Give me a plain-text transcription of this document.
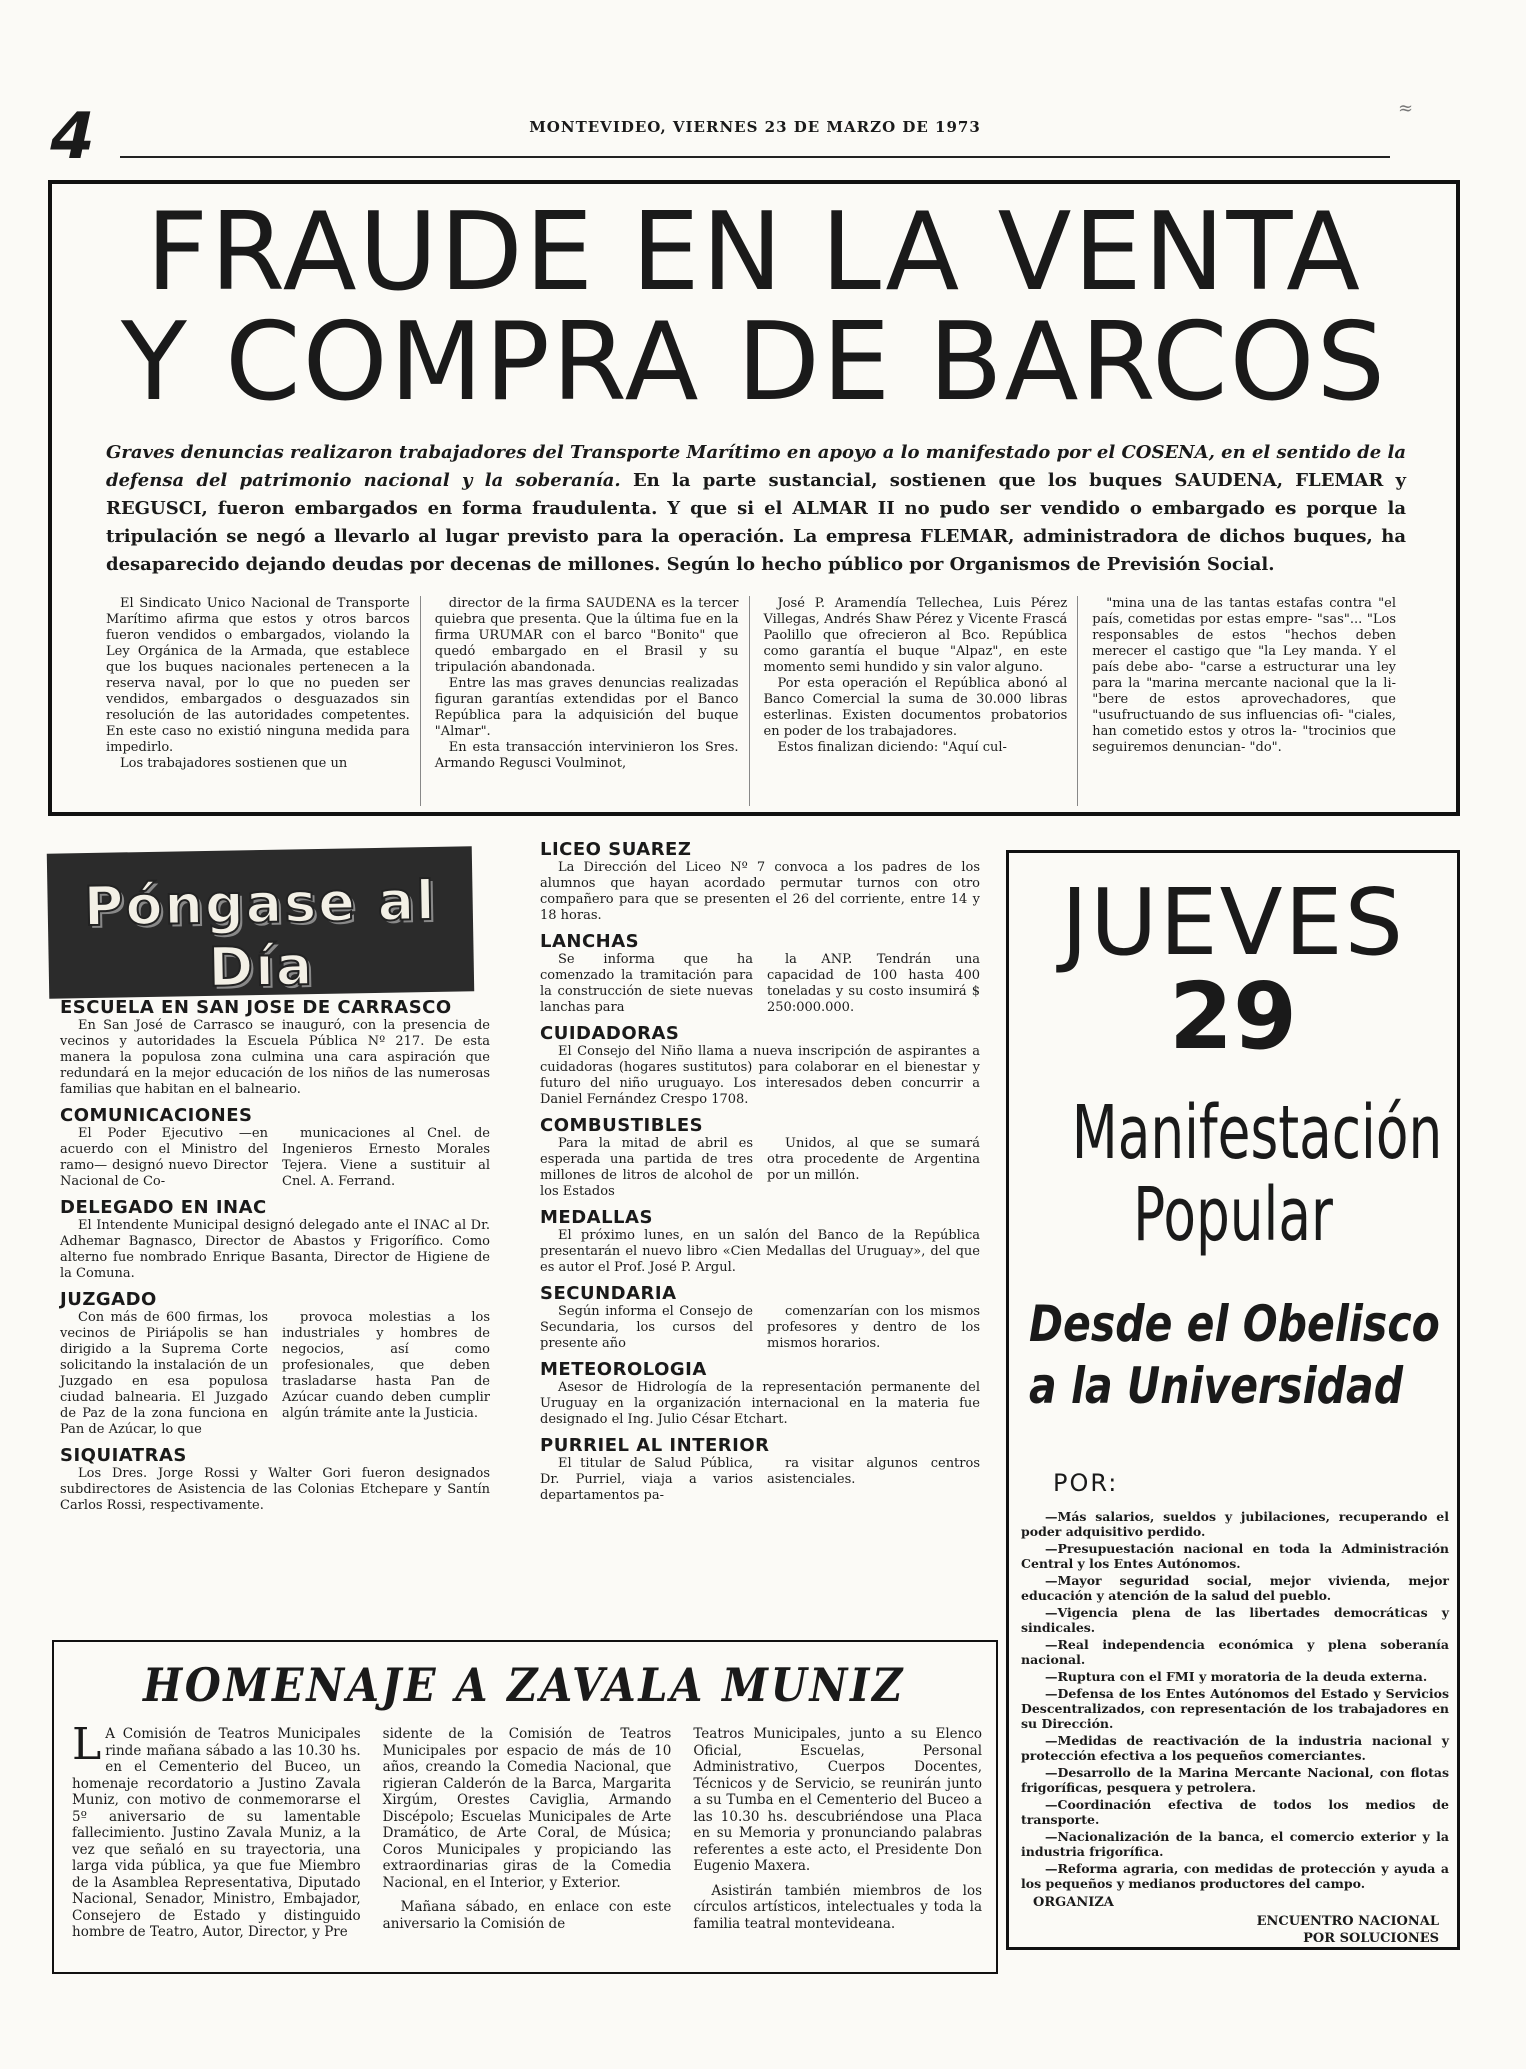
4	MONTEVIDEO, VIERNES 23 DE MARZO DE 1973
≈
FRAUDE EN LA VENTA
Y COMPRA DE BARCOS
Graves denuncias realizaron trabajadores del Transporte Marítimo en apoyo a lo manifestado por el COSENA, en el sentido de la defensa del patrimonio nacional y la soberanía. En la parte sustancial, sostienen que los buques SAUDENA, FLEMAR y REGUSCI, fueron embargados en forma fraudulenta. Y que si el ALMAR II no pudo ser vendido o embargado es porque la tripulación se negó a llevarlo al lugar previsto para la operación. La empresa FLEMAR, administradora de dichos buques, ha desaparecido dejando deudas por decenas de millones. Según lo hecho público por Organismos de Previsión Social.

El Sindicato Unico Nacional de Transporte Marítimo afirma que estos y otros barcos fueron vendidos o embargados, violando la Ley Orgánica de la Armada, que establece que los buques nacionales pertenecen a la reserva naval, por lo que no pueden ser vendidos, embargados o desguazados sin resolución de las autoridades competentes. En este caso no existió ninguna medida para impedirlo.

Los trabajadores sostienen que un

director de la firma SAUDENA es la tercer quiebra que presenta. Que la última fue en la firma URUMAR con el barco "Bonito" que quedó embargado en el Brasil y su tripulación abandonada.

Entre las mas graves denuncias realizadas figuran garantías extendidas por el Banco República para la adquisición del buque "Almar".

En esta transacción intervinieron los Sres. Armando Regusci Voulminot,

José P. Aramendía Tellechea, Luis Pérez Villegas, Andrés Shaw Pérez y Vicente Frascá Paolillo que ofrecieron al Bco. República como garantía el buque "Alpaz", en este momento semi hundido y sin valor alguno.

Por esta operación el República abonó al Banco Comercial la suma de 30.000 libras esterlinas. Existen documentos probatorios en poder de los trabajadores.

Estos finalizan diciendo: "Aquí cul-

"mina una de las tantas estafas contra "el país, cometidas por estas empre- "sas"... "Los responsables de estos "hechos deben merecer el castigo que "la Ley manda. Y el país debe abo- "carse a estructurar una ley para la "marina mercante nacional que la li- "bere de estos aprovechadores, que "usufructuando de sus influencias ofi- "ciales, han cometido estos y otros la- "trocinios que seguiremos denuncian- "do".

Póngase al Día
ESCUELA EN SAN JOSE DE CARRASCO

En San José de Carrasco se inauguró, con la presencia de vecinos y autoridades la Escuela Pública Nº 217. De esta manera la populosa zona culmina una cara aspiración que redundará en la mejor educación de los niños de las numerosas familias que habitan en el balneario.

COMUNICACIONES

El Poder Ejecutivo —en acuerdo con el Ministro del ramo— designó nuevo Director Nacional de Co-

municaciones al Cnel. de Ingenieros Ernesto Morales Tejera. Viene a sustituir al Cnel. A. Ferrand.

DELEGADO EN INAC

El Intendente Municipal designó delegado ante el INAC al Dr. Adhemar Bagnasco, Director de Abastos y Frigorífico. Como alterno fue nombrado Enrique Basanta, Director de Higiene de la Comuna.

JUZGADO

Con más de 600 firmas, los vecinos de Piriápolis se han dirigido a la Suprema Corte solicitando la instalación de un Juzgado en esa populosa ciudad balnearia. El Juzgado de Paz de la zona funciona en Pan de Azúcar, lo que

provoca molestias a los industriales y hombres de negocios, así como profesionales, que deben trasladarse hasta Pan de Azúcar cuando deben cumplir algún trámite ante la Justicia.

SIQUIATRAS

Los Dres. Jorge Rossi y Walter Gori fueron designados subdirectores de Asistencia de las Colonias Etchepare y Santín Carlos Rossi, respectivamente.

LICEO SUAREZ

La Dirección del Liceo Nº 7 convoca a los padres de los alumnos que hayan acordado permutar turnos con otro compañero para que se presenten el 26 del corriente, entre 14 y 18 horas.

LANCHAS

Se informa que ha comenzado la tramitación para la construcción de siete nuevas lanchas para

la ANP. Tendrán una capacidad de 100 hasta 400 toneladas y su costo insumirá $ 250:000.000.

CUIDADORAS

El Consejo del Niño llama a nueva inscripción de aspirantes a cuidadoras (hogares sustitutos) para colaborar en el bienestar y futuro del niño uruguayo. Los interesados deben concurrir a Daniel Fernández Crespo 1708.

COMBUSTIBLES

Para la mitad de abril es esperada una partida de tres millones de litros de alcohol de los Estados

Unidos, al que se sumará otra procedente de Argentina por un millón.

MEDALLAS

El próximo lunes, en un salón del Banco de la República presentarán el nuevo libro «Cien Medallas del Uruguay», del que es autor el Prof. José P. Argul.

SECUNDARIA

Según informa el Consejo de Secundaria, los cursos del presente año

comenzarían con los mismos profesores y dentro de los mismos horarios.

METEOROLOGIA

Asesor de Hidrología de la representación permanente del Uruguay en la organización internacional en la materia fue designado el Ing. Julio César Etchart.

PURRIEL AL INTERIOR

El titular de Salud Pública, Dr. Purriel, viaja a varios departamentos pa-

ra visitar algunos centros asistenciales.

JUEVES
29
Manifestación
Popular
Desde el Obelisco
a la Universidad
POR:
—Más salarios, sueldos y jubilaciones, recuperando el poder adquisitivo perdido.
—Presupuestación nacional en toda la Administración Central y los Entes Autónomos.
—Mayor seguridad social, mejor vivienda, mejor educación y atención de la salud del pueblo.
—Vigencia plena de las libertades democráticas y sindicales.
—Real independencia económica y plena soberanía nacional.
—Ruptura con el FMI y moratoria de la deuda externa.
—Defensa de los Entes Autónomos del Estado y Servicios Descentralizados, con representación de los trabajadores en su Dirección.
—Medidas de reactivación de la industria nacional y protección efectiva a los pequeños comerciantes.
—Desarrollo de la Marina Mercante Nacional, con flotas frigoríficas, pesquera y petrolera.
—Coordinación efectiva de todos los medios de transporte.
—Nacionalización de la banca, el comercio exterior y la industria frigorífica.
—Reforma agraria, con medidas de protección y ayuda a los pequeños y medianos productores del campo.
ORGANIZA
ENCUENTRO NACIONAL
POR SOLUCIONES
HOMENAJE A ZAVALA MUNIZ

L A Comisión de Teatros Municipales rinde mañana sábado a las 10.30 hs. en el Cementerio del Buceo, un homenaje recordatorio a Justino Zavala Muniz, con motivo de conmemorarse el 5º aniversario de su lamentable fallecimiento. Justino Zavala Muniz, a la vez que señaló en su trayectoria, una larga vida pública, ya que fue Miembro de la Asamblea Representativa, Diputado Nacional, Senador, Ministro, Embajador, Consejero de Estado y distinguido hombre de Teatro, Autor, Director, y Pre

sidente de la Comisión de Teatros Municipales por espacio de más de 10 años, creando la Comedia Nacional, que rigieran Calderón de la Barca, Margarita Xirgúm, Orestes Caviglia, Armando Discépolo; Escuelas Municipales de Arte Dramático, de Arte Coral, de Música; Coros Municipales y propiciando las extraordinarias giras de la Comedia Nacional, en el Interior, y Exterior.

Mañana sábado, en enlace con este aniversario la Comisión de

Teatros Municipales, junto a su Elenco Oficial, Escuelas, Personal Administrativo, Cuerpos Docentes, Técnicos y de Servicio, se reunirán junto a su Tumba en el Cementerio del Buceo a las 10.30 hs. descubriéndose una Placa en su Memoria y pronunciando palabras referentes a este acto, el Presidente Don Eugenio Maxera.

Asistirán también miembros de los círculos artísticos, intelectuales y toda la familia teatral montevideana.
